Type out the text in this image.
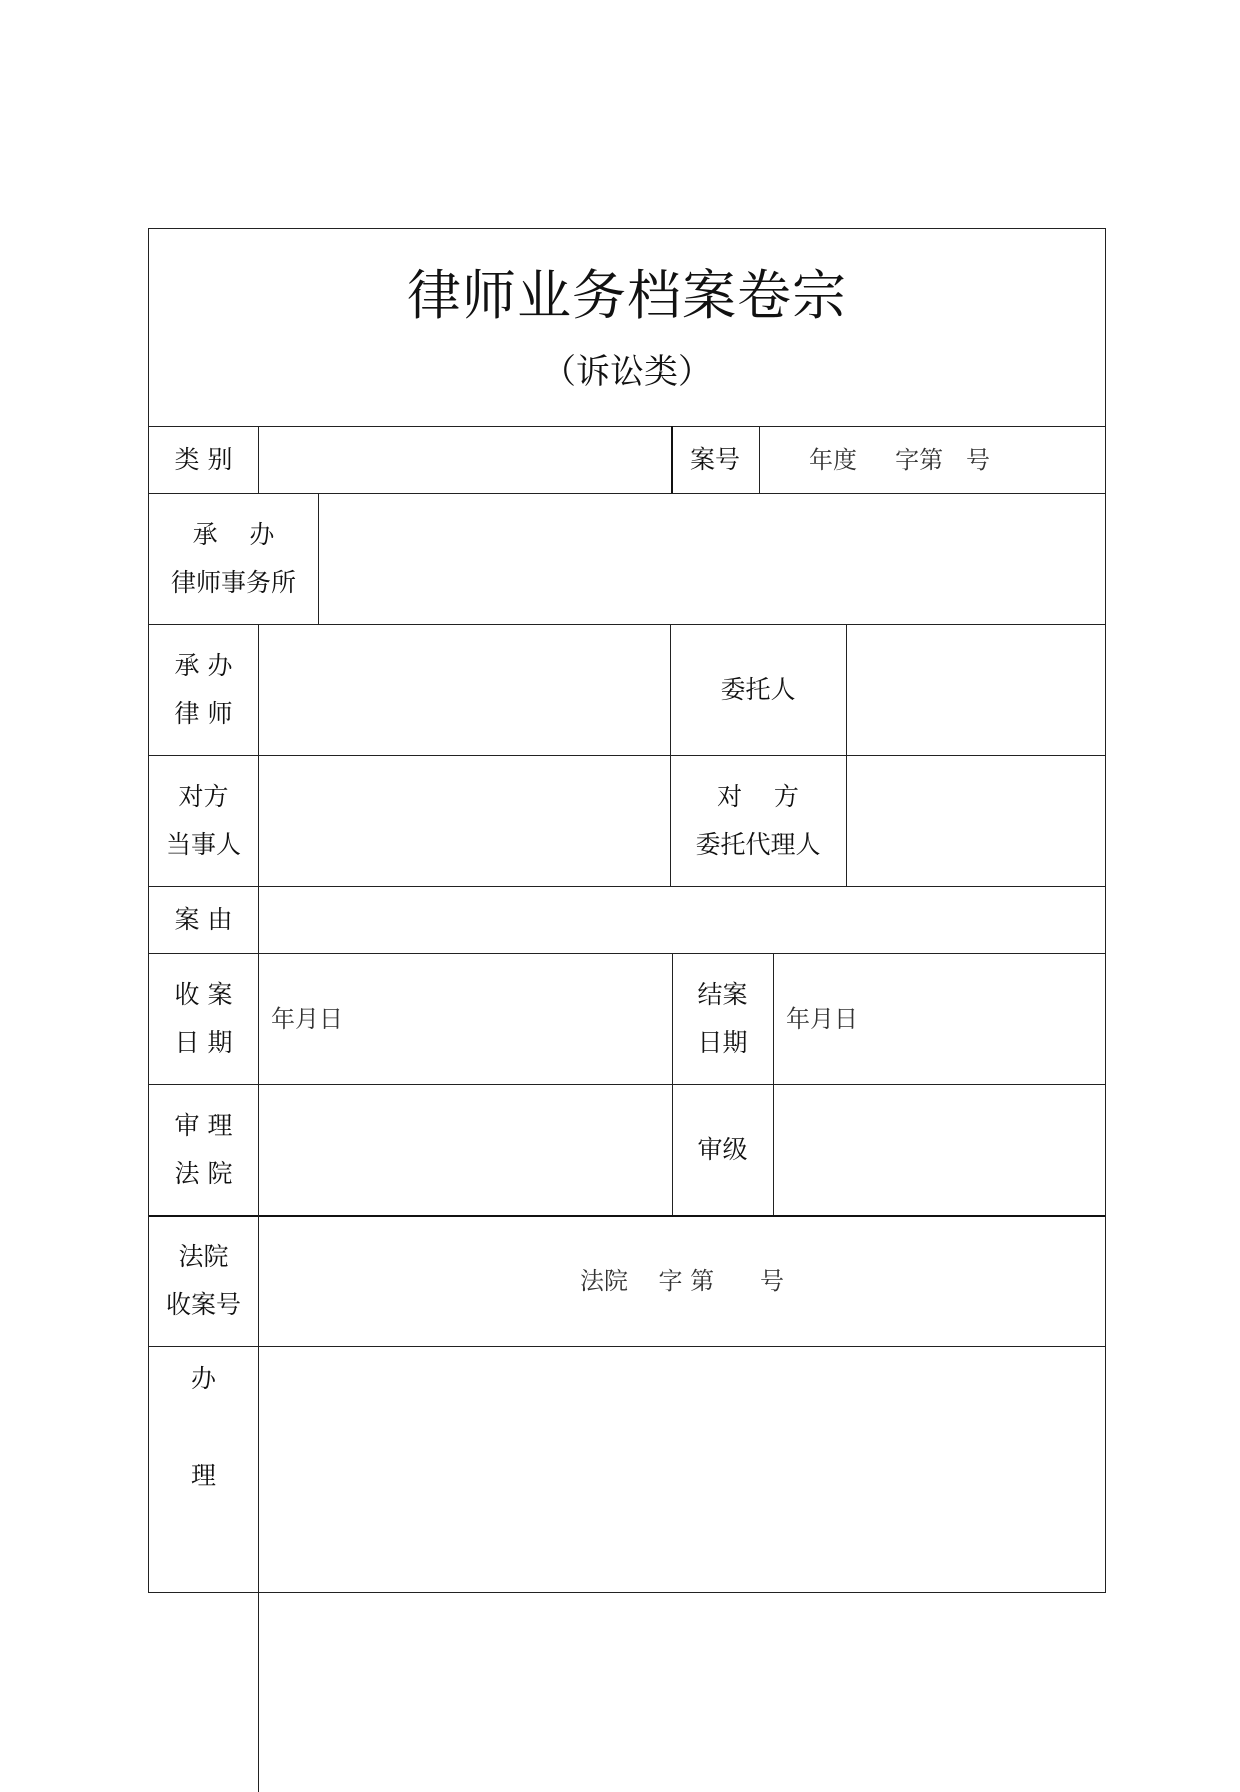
律师业务档案卷宗
（诉讼类）
类 别	案号	年度     字第   号
承    办
律师事务所
承 办
律 师
委托人
对方
当事人
对    方
委托代理人
案 由
收 案
日 期
年月日
结案
日期
年月日
审 理
法 院
审级
法院
收案号
法院    字 第      号
办
理
